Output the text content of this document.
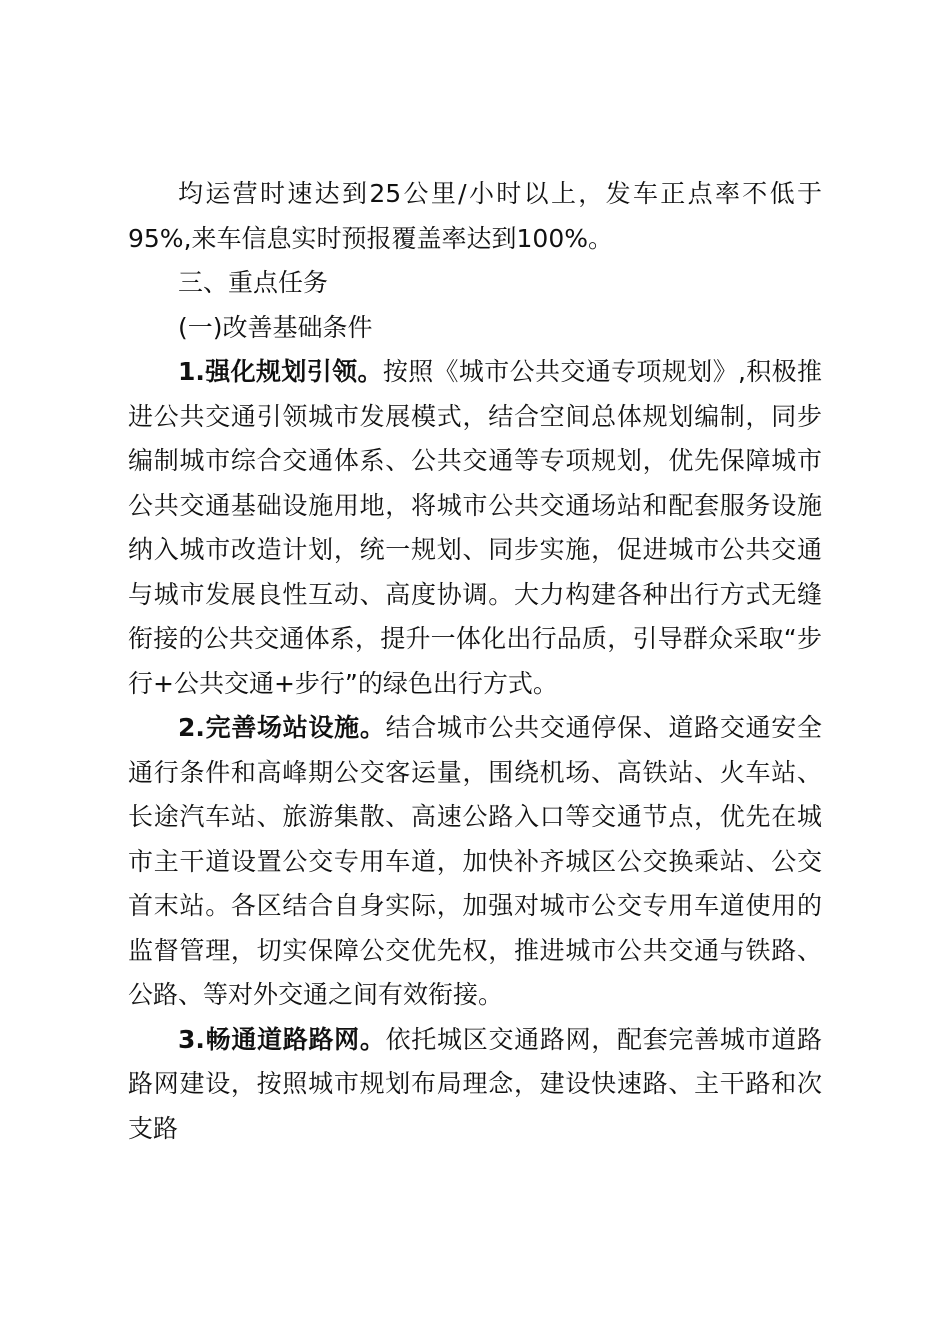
均运营时速达到25公里/小时以上，发车正点率不低于95%,来车信息实时预报覆盖率达到100%。

三、重点任务

(一)改善基础条件

1.强化规划引领。按照《城市公共交通专项规划》,积极推进公共交通引领城市发展模式，结合空间总体规划编制，同步编制城市综合交通体系、公共交通等专项规划，优先保障城市公共交通基础设施用地，将城市公共交通场站和配套服务设施纳入城市改造计划，统一规划、同步实施，促进城市公共交通与城市发展良性互动、高度协调。大力构建各种出行方式无缝衔接的公共交通体系，提升一体化出行品质，引导群众采取“步行+公共交通+步行”的绿色出行方式。

2.完善场站设施。结合城市公共交通停保、道路交通安全通行条件和高峰期公交客运量，围绕机场、高铁站、火车站、长途汽车站、旅游集散、高速公路入口等交通节点，优先在城市主干道设置公交专用车道，加快补齐城区公交换乘站、公交首末站。各区结合自身实际，加强对城市公交专用车道使用的监督管理，切实保障公交优先权，推进城市公共交通与铁路、公路、等对外交通之间有效衔接。

3.畅通道路路网。依托城区交通路网，配套完善城市道路路网建设，按照城市规划布局理念，建设快速路、主干路和次支路
